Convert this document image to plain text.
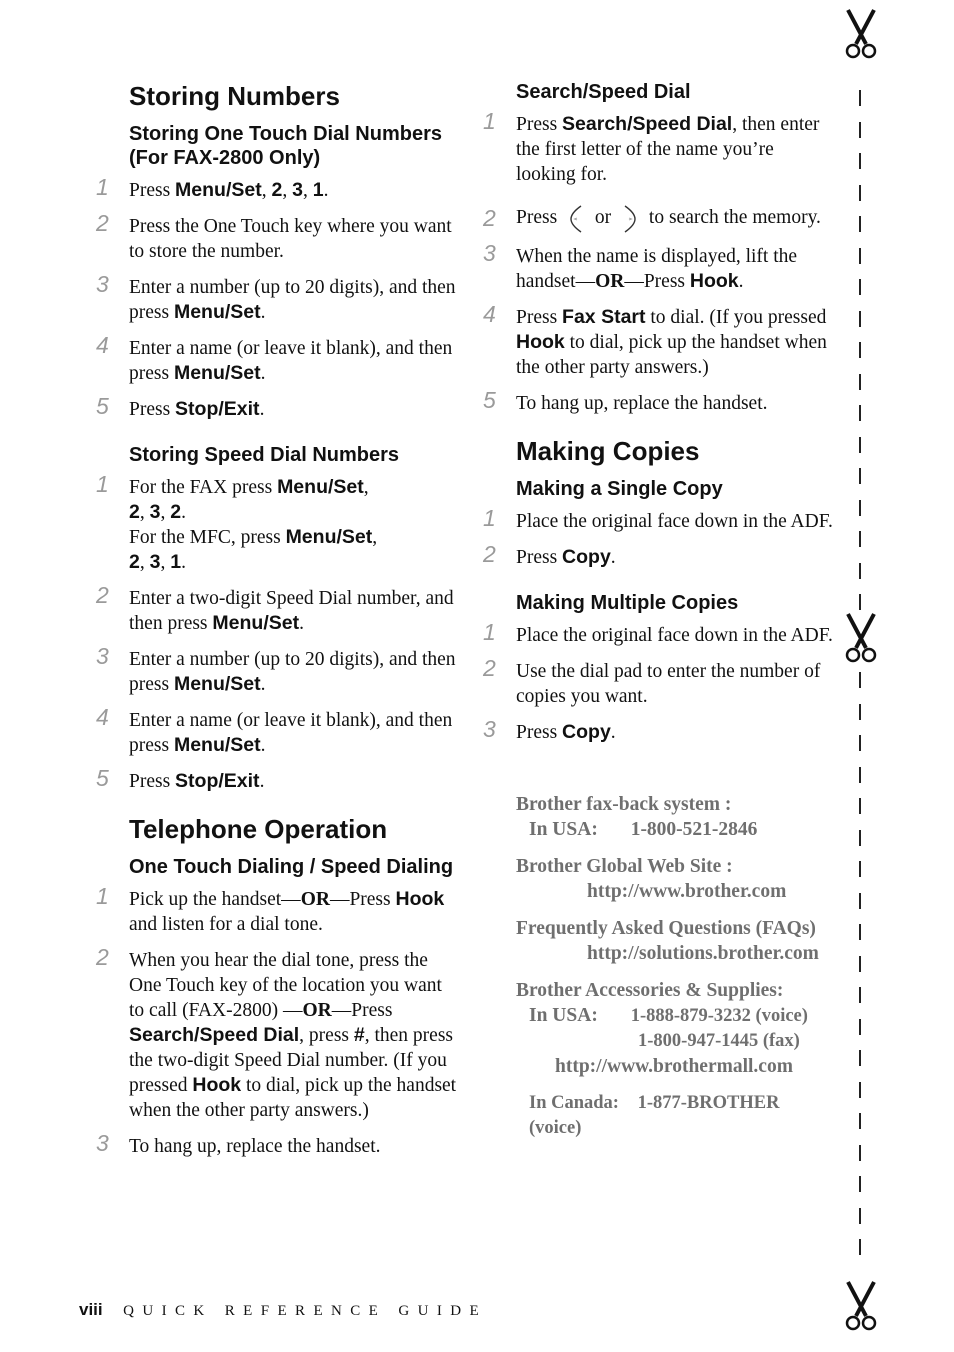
Storing Numbers
Storing One Touch Dial Numbers (For FAX-2800 Only)
1 Press Menu/Set, 2, 3, 1.
2 Press the One Touch key where you want to store the number.
3 Enter a number (up to 20 digits), and then press Menu/Set.
4 Enter a name (or leave it blank), and then press Menu/Set.
5 Press Stop/Exit.
Storing Speed Dial Numbers
1 For the FAX press Menu/Set,
2, 3, 2.
For the MFC, press Menu/Set,
2, 3, 1.
2 Enter a two-digit Speed Dial number, and then press Menu/Set.
3 Enter a number (up to 20 digits), and then press Menu/Set.
4 Enter a name (or leave it blank), and then press Menu/Set.
5 Press Stop/Exit.
Telephone Operation
One Touch Dialing / Speed Dialing
1 Pick up the handset—OR—Press Hook and listen for a dial tone.
2 When you hear the dial tone, press the One Touch key of the location you want to call (FAX-2800) —OR—Press Search/Speed Dial, press #, then press the two-digit Speed Dial number. (If you pressed Hook to dial, pick up the handset when the other party answers.)
3 To hang up, replace the handset.
Search/Speed Dial
1 Press Search/Speed Dial, then enter the first letter of the name you’re looking for.
2 Press or to search the memory.
3 When the name is displayed, lift the handset—OR—Press Hook.
4 Press Fax Start to dial. (If you pressed Hook to dial, pick up the handset when the other party answers.)
5 To hang up, replace the handset.
Making Copies
Making a Single Copy
1 Place the original face down in the ADF.
2 Press Copy.
Making Multiple Copies
1 Place the original face down in the ADF.
2 Use the dial pad to enter the number of copies you want.
3 Press Copy.
Brother fax-back system :
In USA: 1-800-521-2846
Brother Global Web Site :
http://www.brother.com
Frequently Asked Questions (FAQs)
http://solutions.brother.com
Brother Accessories & Supplies:
In USA: 1-888-879-3232 (voice)
1-800-947-1445 (fax)
http://www.brothermall.com
In Canada: 1-877-BROTHER (voice)
viii QUICK REFERENCE GUIDE
